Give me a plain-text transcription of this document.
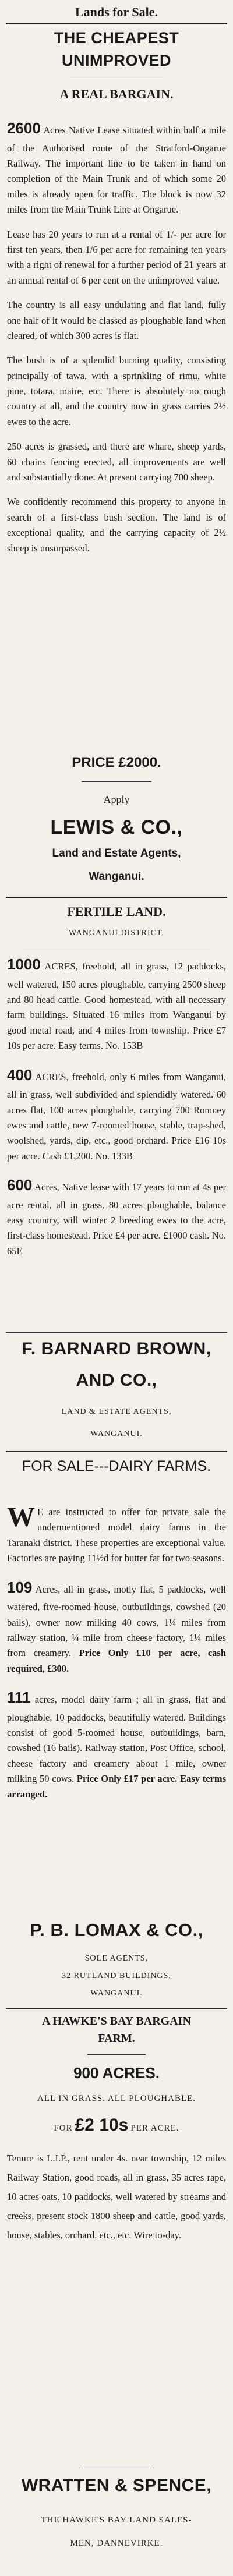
Lands for Sale.
THE CHEAPEST UNIMPROVED
A REAL BARGAIN.

2600 Acres Native Lease situated within half a mile of the Authorised route of the Stratford-Ongarue Railway. The important line to be taken in hand on completion of the Main Trunk and of which some 20 miles is already open for traffic. The block is now 32 miles from the Main Trunk Line at Ongarue.

Lease has 20 years to run at a rental of 1/- per acre for first ten years, then 1/6 per acre for remaining ten years with a right of renewal for a further period of 21 years at an annual rental of 6 per cent on the unimproved value.

The country is all easy undulating and flat land, fully one half of it would be classed as ploughable land when cleared, of which 300 acres is flat.

The bush is of a splendid burning quality, consisting principally of tawa, with a sprinkling of rimu, white pine, totara, maire, etc. There is absolutely no rough country at all, and the country now in grass carries 2½ ewes to the acre.

250 acres is grassed, and there are whare, sheep yards, 60 chains fencing erected, all improvements are well and substantially done. At present carrying 700 sheep.

We confidently recommend this property to anyone in search of a first-class bush section. The land is of exceptional quality, and the carrying capacity of 2½ sheep is unsurpassed.

PRICE £2000.
Apply
LEWIS & CO.,
Land and Estate Agents,
Wanganui.
FERTILE LAND.
WANGANUI DISTRICT.

1000 ACRES, freehold, all in grass, 12 paddocks, well watered, 150 acres ploughable, carrying 2500 sheep and 80 head cattle. Good homestead, with all necessary farm buildings. Situated 16 miles from Wanganui by good metal road, and 4 miles from township. Price £7 10s per acre. Easy terms. No. 153B

400 ACRES, freehold, only 6 miles from Wanganui, all in grass, well subdivided and splendidly watered. 60 acres flat, 100 acres ploughable, carrying 700 Romney ewes and cattle, new 7-roomed house, stable, trap-shed, woolshed, yards, dip, etc., good orchard. Price £16 10s per acre. Cash £1,200. No. 133B

600 Acres, Native lease with 17 years to run at 4s per acre rental, all in grass, 80 acres ploughable, balance easy country, will winter 2 breeding ewes to the acre, first-class homestead. Price £4 per acre. £1000 cash. No. 65E

F. BARNARD BROWN,
AND CO.,
LAND & ESTATE AGENTS,
WANGANUI.
FOR SALE---DAIRY FARMS.

W E are instructed to offer for private sale the undermentioned model dairy farms in the Taranaki district. These properties are exceptional value. Factories are paying 11½d for butter fat for two seasons.

109 Acres, all in grass, motly flat, 5 paddocks, well watered, five-roomed house, outbuildings, cowshed (20 bails), owner now milking 40 cows, 1¼ miles from railway station, ¼ mile from cheese factory, 1¼ miles from creamery. Price Only £10 per acre, cash required, £300.

111 acres, model dairy farm ; all in grass, flat and ploughable, 10 paddocks, beautifully watered. Buildings consist of good 5-roomed house, outbuildings, barn, cowshed (16 bails). Railway station, Post Office, school, cheese factory and creamery about 1 mile, owner milking 50 cows. Price Only £17 per acre. Easy terms arranged.

P. B. LOMAX & CO.,
SOLE AGENTS,
32 RUTLAND BUILDINGS,
WANGANUI.
A HAWKE'S BAY BARGAIN
FARM.
900 ACRES.
ALL IN GRASS. ALL PLOUGHABLE.
FOR £2 10s PER ACRE.

Tenure is L.I.P., rent under 4s. near township, 12 miles Railway Station, good roads, all in grass, 35 acres rape, 10 acres oats, 10 paddocks, well watered by streams and creeks, present stock 1800 sheep and cattle, good yards, house, stables, orchard, etc., etc. Wire to-day.

WRATTEN & SPENCE,
THE HAWKE'S BAY LAND SALES-
MEN, DANNEVIRKE.
